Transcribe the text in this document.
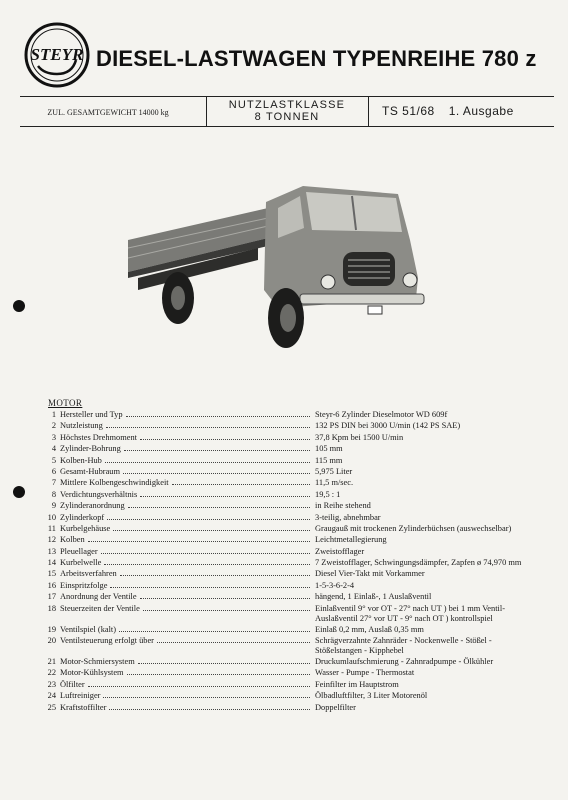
STEYR DIESEL-LASTWAGEN TYPENREIHE 780 z
ZUL. GESAMTGEWICHT 14000 kg
NUTZLASTKLASSE
8 TONNEN	TS 51/68 1. Ausgabe
MOTOR
1 Hersteller und Typ	Steyr-6 Zylinder Dieselmotor WD 609f
2 Nutzleistung	132 PS DIN bei 3000 U/min (142 PS SAE)
3 Höchstes Drehmoment	37,8 Kpm bei 1500 U/min
4 Zylinder-Bohrung	105 mm
5 Kolben-Hub	115 mm
6 Gesamt-Hubraum	5,975 Liter
7 Mittlere Kolbengeschwindigkeit	11,5 m/sec.
8 Verdichtungsverhältnis	19,5 : 1
9 Zylinderanordnung	in Reihe stehend
10 Zylinderkopf	3-teilig, abnehmbar
11 Kurbelgehäuse	Graugauß mit trockenen Zylinderbüchsen (auswechselbar)
12 Kolben	Leichtmetallegierung
13 Pleuellager	Zweistofflager
14 Kurbelwelle	7 Zweistofflager, Schwingungsdämpfer, Zapfen ø 74,970 mm
15 Arbeitsverfahren	Diesel Vier-Takt mit Vorkammer
16 Einspritzfolge	1-5-3-6-2-4
17 Anordnung der Ventile	hängend, 1 Einlaß-, 1 Auslaßventil
18 Steuerzeiten der Ventile	Einlaßventil 9° vor OT - 27° nach UT ) bei 1 mm Ventil-
Auslaßventil 27° vor UT - 9° nach OT ) kontrollspiel
19 Ventilspiel (kalt)	Einlaß 0,2 mm, Auslaß 0,35 mm
20 Ventilsteuerung erfolgt über	Schrägverzahnte Zahnräder - Nockenwelle - Stößel -
Stößelstangen - Kipphebel
21 Motor-Schmiersystem	Druckumlaufschmierung - Zahnradpumpe - Ölkühler
22 Motor-Kühlsystem	Wasser - Pumpe - Thermostat
23 Ölfilter	Feinfilter im Hauptstrom
24 Luftreiniger	Ölbadluftfilter, 3 Liter Motorenöl
25 Kraftstoffilter	Doppelfilter
